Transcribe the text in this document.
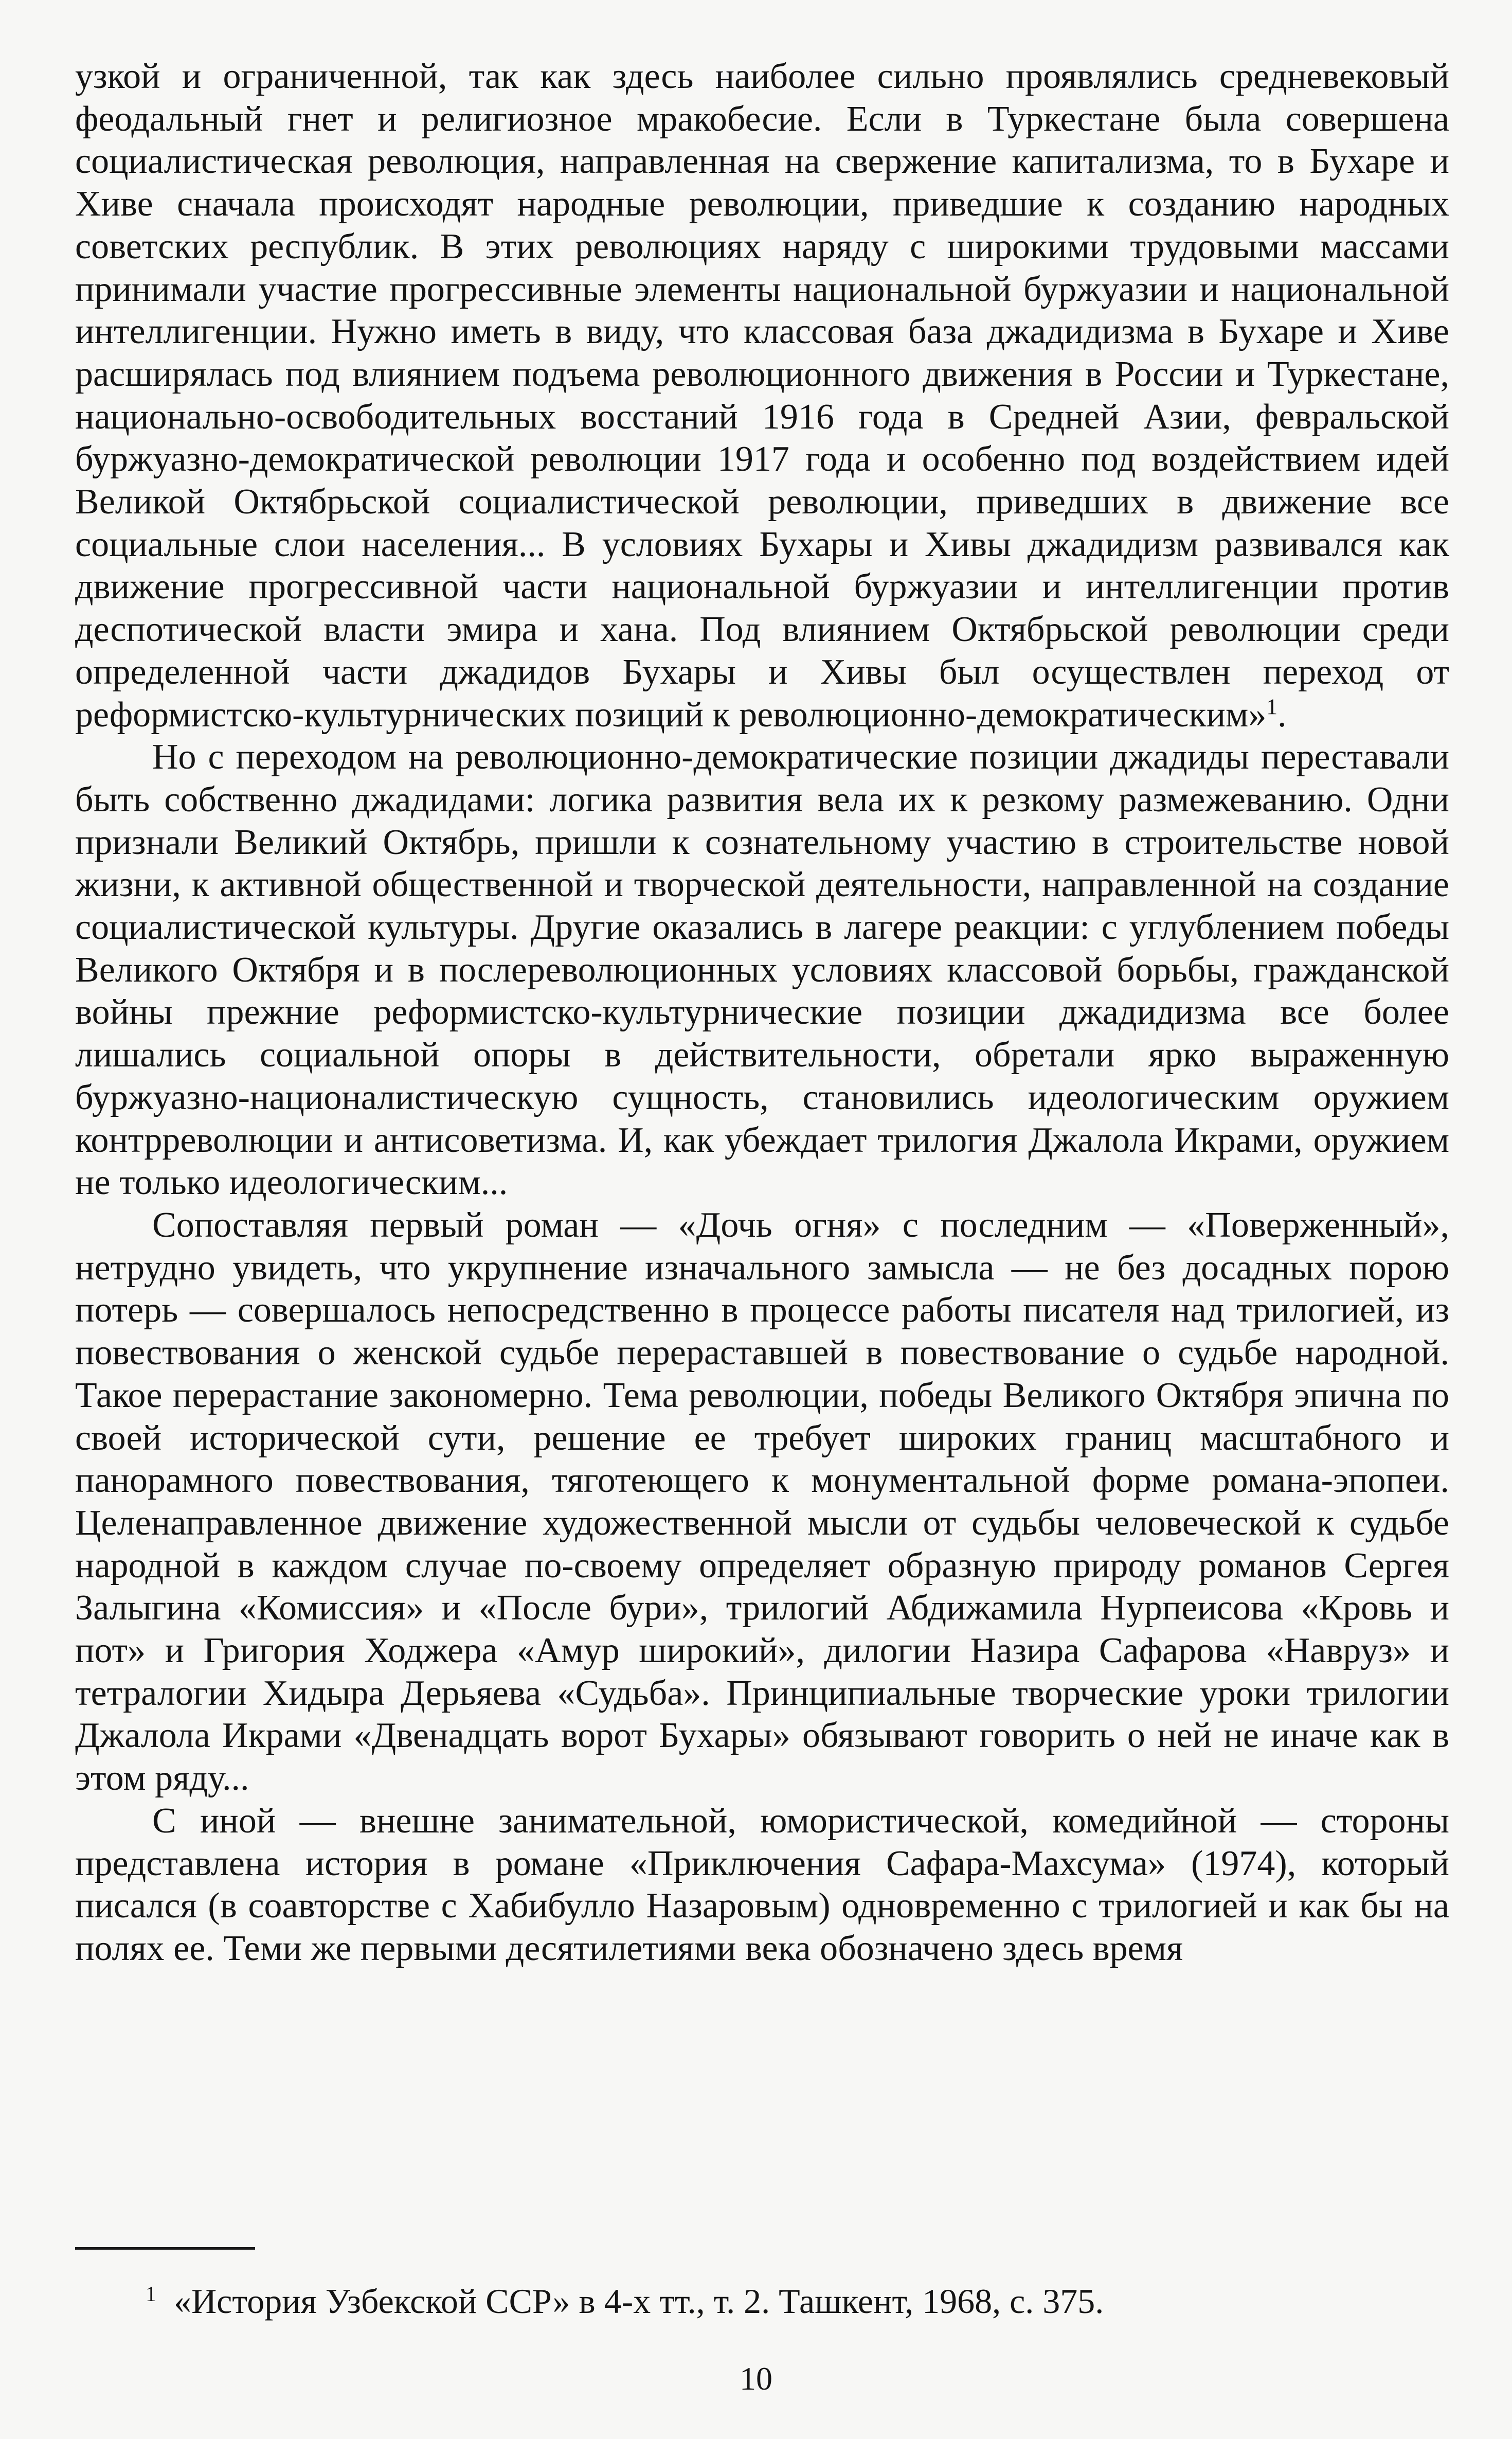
узкой и ограниченной, так как здесь наиболее сильно проявлялись средневековый феодальный гнет и религиозное мракобесие. Если в Туркестане была совершена социалистическая революция, направленная на свержение капитализма, то в Бухаре и Хиве сначала происходят народные революции, приведшие к созданию народных советских республик. В этих революциях наряду с широкими трудовыми массами принимали участие прогрессивные элементы национальной буржуазии и национальной интеллигенции. Нужно иметь в виду, что классовая база джадидизма в Бухаре и Хиве расширялась под влиянием подъема революционного движения в России и Туркестане, национально-освободительных восстаний 1916 года в Средней Азии, февральской буржуазно-демократической революции 1917 года и особенно под воздействием идей Великой Октябрьской социалистической революции, приведших в движение все социальные слои населения... В условиях Бухары и Хивы джадидизм развивался как движение прогрессивной части национальной буржуазии и интеллигенции против деспотической власти эмира и хана. Под влиянием Октябрьской революции среди определенной части джадидов Бухары и Хивы был осуществлен переход от реформистско-культурнических позиций к революционно-демократическим»$^1$.

Но с переходом на революционно-демократические позиции джадиды переставали быть собственно джадидами: логика развития вела их к резкому размежеванию. Одни признали Великий Октябрь, пришли к сознательному участию в строительстве новой жизни, к активной общественной и творческой деятельности, направленной на создание социалистической культуры. Другие оказались в лагере реакции: с углублением победы Великого Октября и в послереволюционных условиях классовой борьбы, гражданской войны прежние реформистско-культурнические позиции джадидизма все более лишались социальной опоры в действительности, обретали ярко выраженную буржуазно-националистическую сущность, становились идеологическим оружием контрреволюции и антисоветизма. И, как убеждает трилогия Джалола Икрами, оружием не только идеологическим...

Сопоставляя первый роман — «Дочь огня» с последним — «Поверженный», нетрудно увидеть, что укрупнение изначального замысла — не без досадных порою потерь — совершалось непосредственно в процессе работы писателя над трилогией, из повествования о женской судьбе перераставшей в повествование о судьбе народной. Такое перерастание закономерно. Тема революции, победы Великого Октября эпична по своей исторической сути, решение ее требует широких границ масштабного и панорамного повествования, тяготеющего к монументальной форме романа-эпопеи. Целенаправленное движение художественной мысли от судьбы человеческой к судьбе народной в каждом случае по-своему определяет образную природу романов Сергея Залыгина «Комиссия» и «После бури», трилогий Абдижамила Нурпеисова «Кровь и пот» и Григория Ходжера «Амур широкий», дилогии Назира Сафарова «Навруз» и тетралогии Хидыра Дерьяева «Судьба». Принципиальные творческие уроки трилогии Джалола Икрами «Двенадцать ворот Бухары» обязывают говорить о ней не иначе как в этом ряду...

С иной — внешне занимательной, юмористической, комедийной — стороны представлена история в романе «Приключения Сафара-Махсума» (1974), который писался (в соавторстве с Хабибулло Назаровым) одновременно с трилогией и как бы на полях ее. Теми же первыми десятилетиями века обозначено здесь время

$^1$ «История Узбекской ССР» в 4-х тт., т. 2. Ташкент, 1968, с. 375.
10
